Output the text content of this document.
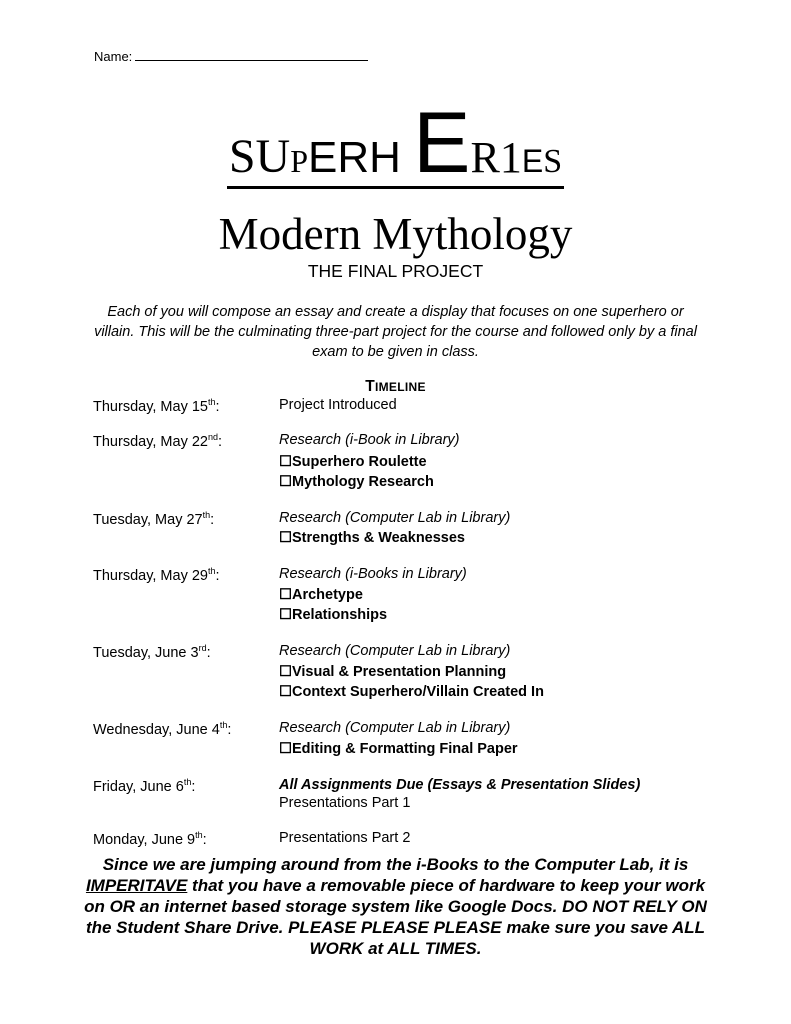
Name:
SUPERH ER1ES
Modern Mythology
THE FINAL PROJECT
Each of you will compose an essay and create a display that focuses on one superhero or villain. This will be the culminating three-part project for the course and followed only by a final exam to be given in class.
TIMELINE
Thursday, May 15th:	Project Introduced
Thursday, May 22nd:	Research (i-Book in Library)
☐Superhero Roulette
☐Mythology Research
Tuesday, May 27th:	Research (Computer Lab in Library)
☐Strengths & Weaknesses
Thursday, May 29th:	Research (i-Books in Library)
☐Archetype
☐Relationships
Tuesday, June 3rd:	Research (Computer Lab in Library)
☐Visual & Presentation Planning
☐Context Superhero/Villain Created In
Wednesday, June 4th:	Research (Computer Lab in Library)
☐Editing & Formatting Final Paper
Friday, June 6th:	All Assignments Due (Essays & Presentation Slides)
Presentations Part 1
Monday, June 9th:	Presentations Part 2
Since we are jumping around from the i-Books to the Computer Lab, it is IMPERITAVE that you have a removable piece of hardware to keep your work on OR an internet based storage system like Google Docs. DO NOT RELY ON the Student Share Drive. PLEASE PLEASE PLEASE make sure you save ALL WORK at ALL TIMES.
